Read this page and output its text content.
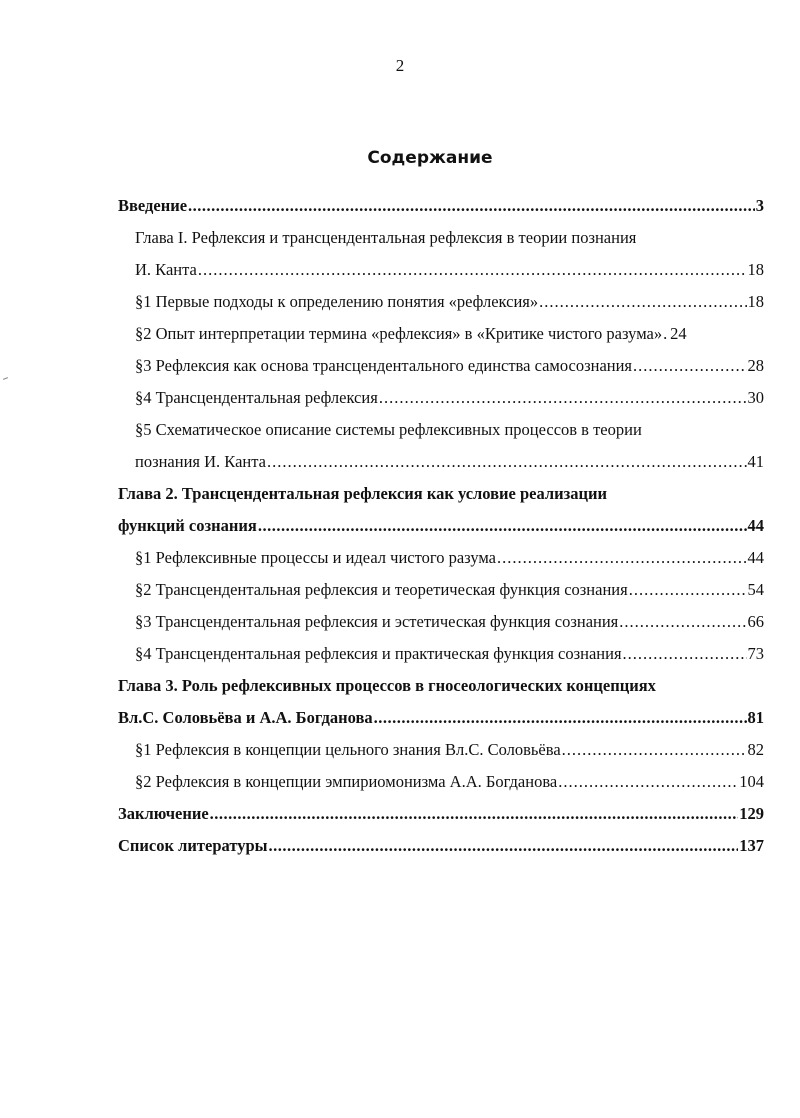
2
Содержание
Введение .....	3
Глава I. Рефлексия и трансцендентальная рефлексия в теории познания
И. Канта .....	18
§1 Первые подходы к определению понятия «рефлексия» .....	18
§2 Опыт интерпретации термина «рефлексия» в «Критике чистого разума» ..... 24
§3 Рефлексия как основа трансцендентального единства самосознания .....	28
§4 Трансцендентальная рефлексия .....	30
§5 Схематическое описание системы рефлексивных процессов в теории
познания И. Канта .....	41
Глава 2. Трансцендентальная рефлексия как условие реализации
функций сознания .....	44
§1 Рефлексивные процессы и идеал чистого разума .....	44
§2 Трансцендентальная рефлексия и теоретическая функция сознания .....	54
§3 Трансцендентальная рефлексия и эстетическая функция сознания .....	66
§4 Трансцендентальная рефлексия и практическая функция сознания .....	73
Глава 3. Роль рефлексивных процессов в гносеологических концепциях
Вл.С. Соловьёва и А.А. Богданова .....	81
§1 Рефлексия в концепции цельного знания Вл.С. Соловьёва .....	82
§2 Рефлексия в концепции эмпириомонизма А.А. Богданова .....	104
Заключение .....	129
Список литературы .....	137
